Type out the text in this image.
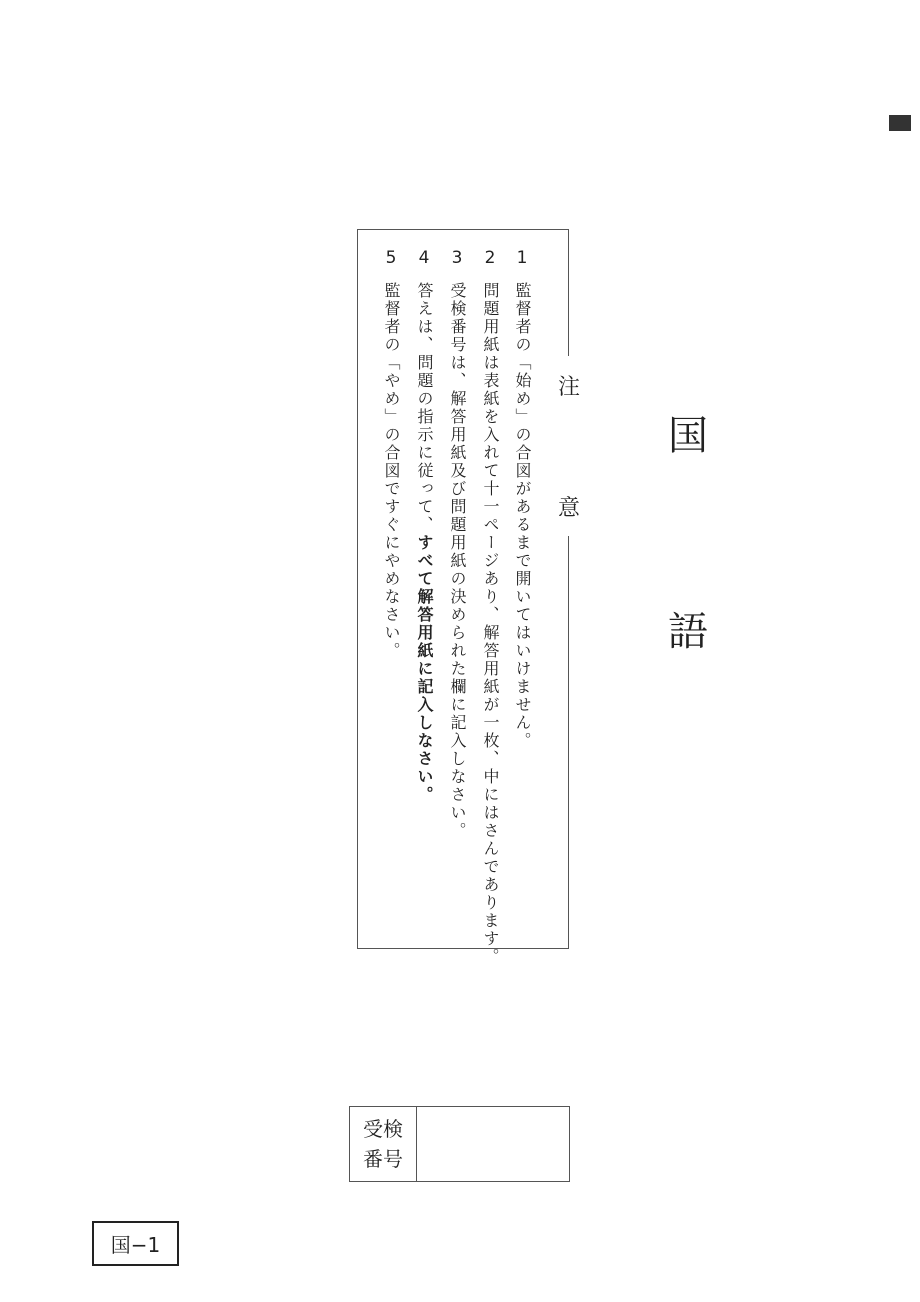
1
監督者の「始め」の合図があるまで開いてはいけません。
2
問題用紙は表紙を入れて十一ページあり、解答用紙が一枚、中にはさんであります。
3
受検番号は、解答用紙及び問題用紙の決められた欄に記入しなさい。
4
答えは、問題の指示に従って、すべて解答用紙に記入しなさい。
5
監督者の「やめ」の合図ですぐにやめなさい。	注
意
国
語
受検
番号
国−1
